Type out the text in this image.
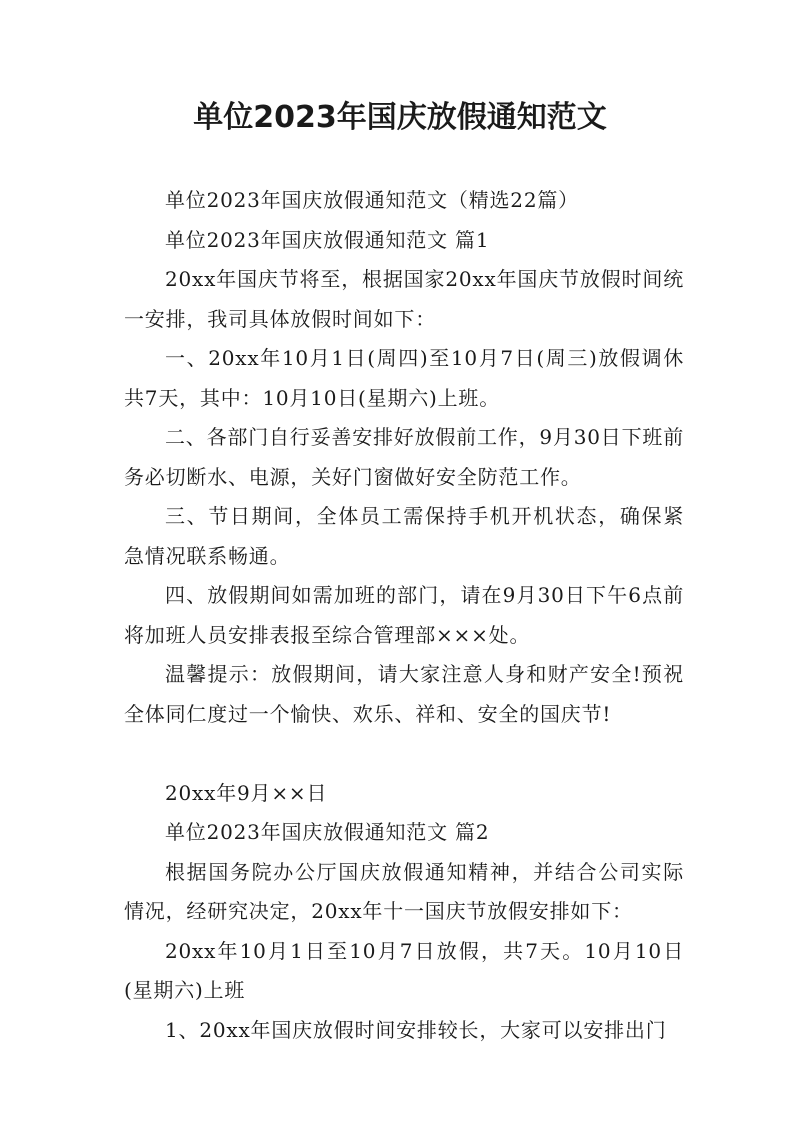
单位2023年国庆放假通知范文

单位2023年国庆放假通知范文（精选22篇）

单位2023年国庆放假通知范文 篇1

20xx年国庆节将至，根据国家20xx年国庆节放假时间统一安排，我司具体放假时间如下：

一、20xx年10月1日(周四)至10月7日(周三)放假调休共7天，其中：10月10日(星期六)上班。

二、各部门自行妥善安排好放假前工作，9月30日下班前务必切断水、电源，关好门窗做好安全防范工作。

三、节日期间，全体员工需保持手机开机状态，确保紧急情况联系畅通。

四、放假期间如需加班的部门，请在9月30日下午6点前将加班人员安排表报至综合管理部×××处。

温馨提示：放假期间，请大家注意人身和财产安全!预祝全体同仁度过一个愉快、欢乐、祥和、安全的国庆节!

20xx年9月××日

单位2023年国庆放假通知范文 篇2

根据国务院办公厅国庆放假通知精神，并结合公司实际情况，经研究决定，20xx年十一国庆节放假安排如下：

20xx年10月1日至10月7日放假，共7天。10月10日(星期六)上班

1、20xx年国庆放假时间安排较长，大家可以安排出门
